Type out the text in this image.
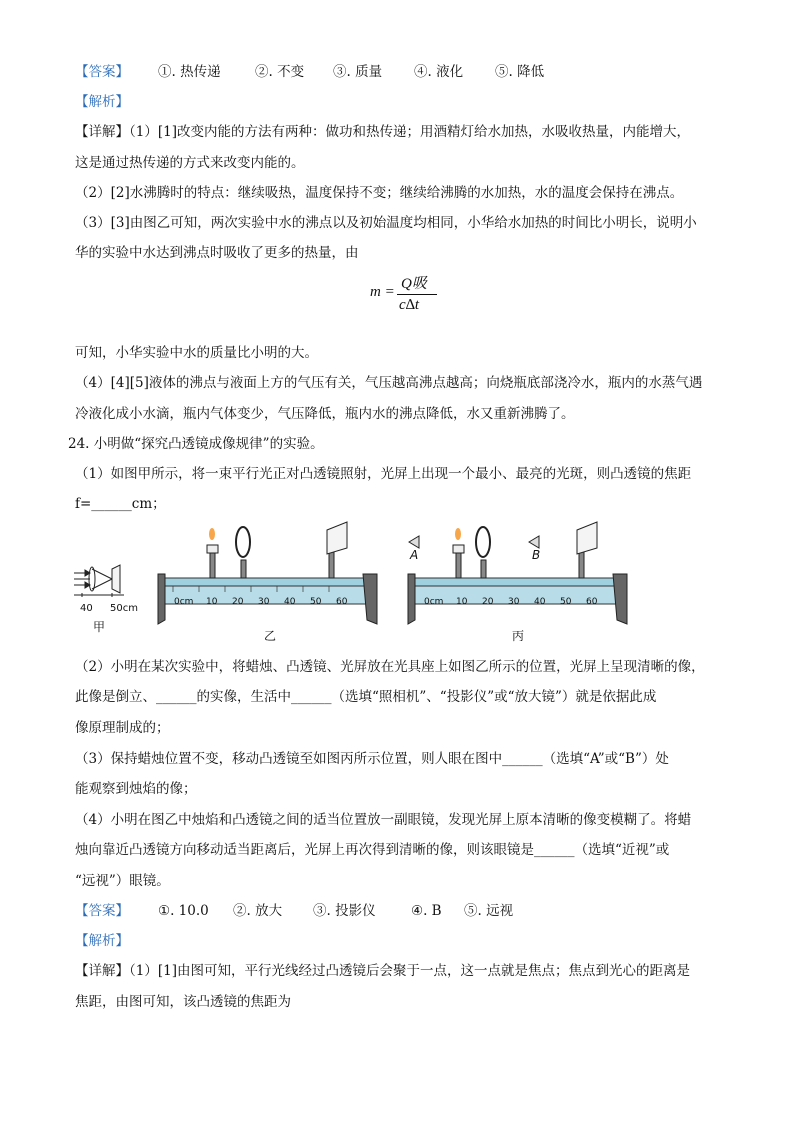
【答案】 ①. 热传递	②. 不变 ③. 质量 ④. 液化 ⑤. 降低
【解析】
【详解】（1）[1]改变内能的方法有两种：做功和热传递；用酒精灯给水加热，水吸收热量，内能增大，
这是通过热传递的方式来改变内能的。
（2）[2]水沸腾时的特点：继续吸热，温度保持不变；继续给沸腾的水加热，水的温度会保持在沸点。
（3）[3]由图乙可知，两次实验中水的沸点以及初始温度均相同，小华给水加热的时间比小明长，说明小
华的实验中水达到沸点时吸收了更多的热量，由
m = Q吸
c∆t
可知，小华实验中水的质量比小明的大。
（4）[4][5]液体的沸点与液面上方的气压有关，气压越高沸点越高；向烧瓶底部浇冷水，瓶内的水蒸气遇
冷液化成小水滴，瓶内气体变少，气压降低，瓶内水的沸点降低，水又重新沸腾了。
24. 小明做“探究凸透镜成像规律”的实验。
（1）如图甲所示，将一束平行光正对凸透镜照射，光屏上出现一个最小、最亮的光斑，则凸透镜的焦距
f=______cm；
40 50cm
甲
0cm 10 20 30 40 50 60
乙
A	B
0cm 10 20 30 40 50 60
丙
（2）小明在某次实验中，将蜡烛、凸透镜、光屏放在光具座上如图乙所示的位置，光屏上呈现清晰的像，
此像是倒立、______的实像，生活中______（选填“照相机”、“投影仪”或“放大镜”）就是依据此成
像原理制成的；
（3）保持蜡烛位置不变，移动凸透镜至如图丙所示位置，则人眼在图中______（选填“A”或“B”）处
能观察到烛焰的像；
（4）小明在图乙中烛焰和凸透镜之间的适当位置放一副眼镜，发现光屏上原本清晰的像变模糊了。将蜡
烛向靠近凸透镜方向移动适当距离后，光屏上再次得到清晰的像，则该眼镜是______（选填“近视”或
“远视”）眼镜。
【答案】 ①. 10.0 ②. 放大 ③. 投影仪	④. B ⑤. 远视
【解析】
【详解】（1）[1]由图可知，平行光线经过凸透镜后会聚于一点，这一点就是焦点；焦点到光心的距离是
焦距，由图可知，该凸透镜的焦距为
